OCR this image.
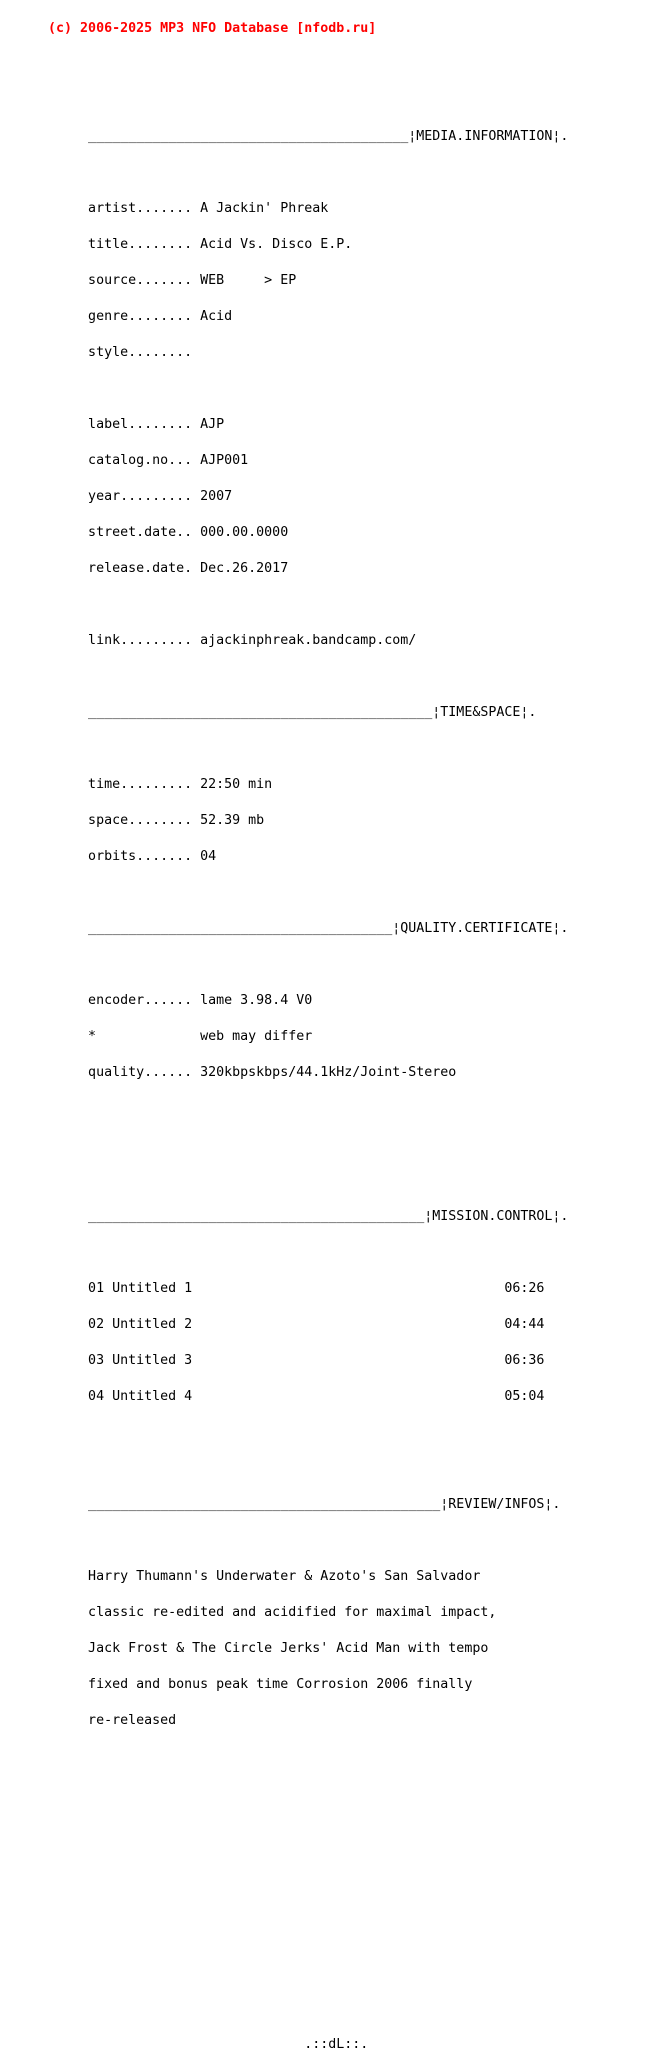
(c) 2006-2025 MP3 NFO Database [nfodb.ru]

________________________________________¦MEDIA.INFORMATION¦.

artist....... A Jackin' Phreak

title........ Acid Vs. Disco E.P.

source....... WEB     > EP

genre........ Acid

style........

label........ AJP

catalog.no... AJP001

year......... 2007

street.date.. 000.00.0000

release.date. Dec.26.2017

link......... ajackinphreak.bandcamp.com/

___________________________________________¦TIME&SPACE¦.

time......... 22:50 min

space........ 52.39 mb

orbits....... 04

______________________________________¦QUALITY.CERTIFICATE¦.

encoder...... lame 3.98.4 V0

*             web may differ

quality...... 320kbpskbps/44.1kHz/Joint-Stereo

__________________________________________¦MISSION.CONTROL¦.

01 Untitled 1                                       06:26

02 Untitled 2                                       04:44

03 Untitled 3                                       06:36

04 Untitled 4                                       05:04

____________________________________________¦REVIEW/INFOS¦.

Harry Thumann's Underwater & Azoto's San Salvador

classic re-edited and acidified for maximal impact,

Jack Frost & The Circle Jerks' Acid Man with tempo

fixed and bonus peak time Corrosion 2006 finally

re-released

.::dL::.
